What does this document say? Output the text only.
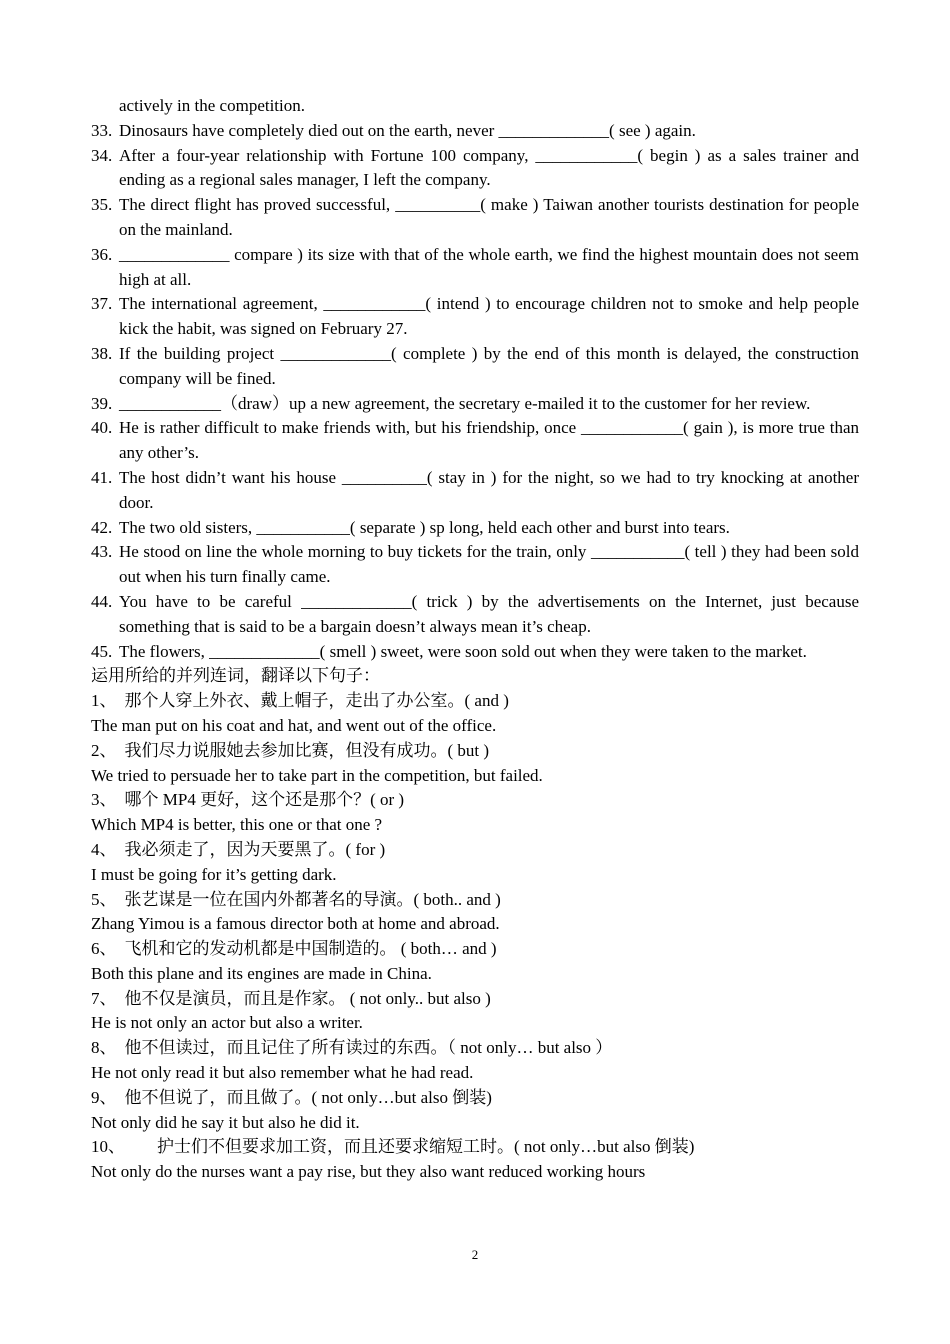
actively in the competition.
33. Dinosaurs have completely died out on the earth, never _____________( see ) again.
34. After a four-year relationship with Fortune 100 company, ____________( begin ) as a sales trainer and ending as a regional sales manager, I left the company.
35. The direct flight has proved successful, __________( make ) Taiwan another tourists destination for people on the mainland.
36. _____________ compare ) its size with that of the whole earth, we find the highest mountain does not seem high at all.
37. The international agreement, ____________( intend ) to encourage children not to smoke and help people kick the habit, was signed on February 27.
38. If the building project _____________( complete ) by the end of this month is delayed, the construction company will be fined.
39. ____________（draw）up a new agreement, the secretary e-mailed it to the customer for her review.
40. He is rather difficult to make friends with, but his friendship, once ____________( gain ), is more true than any other’s.
41. The host didn’t want his house __________( stay in ) for the night, so we had to try knocking at another door.
42. The two old sisters, ___________( separate ) sp long, held each other and burst into tears.
43. He stood on line the whole morning to buy tickets for the train, only ___________( tell ) they had been sold out when his turn finally came.
44. You have to be careful _____________( trick ) by the advertisements on the Internet, just because something that is said to be a bargain doesn’t always mean it’s cheap.
45. The flowers, _____________( smell ) sweet, were soon sold out when they were taken to the market.
运用所给的并列连词，翻译以下句子：
1、 那个人穿上外衣、戴上帽子，走出了办公室。( and )
The man put on his coat and hat, and went out of the office.
2、 我们尽力说服她去参加比赛，但没有成功。( but )
We tried to persuade her to take part in the competition, but failed.
3、 哪个 MP4 更好，这个还是那个？( or )
Which MP4 is better, this one or that one ?
4、 我必须走了，因为天要黑了。( for )
I must be going for it’s getting dark.
5、 张艺谋是一位在国内外都著名的导演。( both.. and )
Zhang Yimou is a famous director both at home and abroad.
6、 飞机和它的发动机都是中国制造的。 ( both… and )
Both this plane and its engines are made in China.
7、 他不仅是演员，而且是作家。 ( not only.. but also )
He is not only an actor but also a writer.
8、 他不但读过，而且记住了所有读过的东西。（ not only… but also ）
He not only read it but also remember what he had read.
9、 他不但说了，而且做了。( not only…but also 倒装)
Not only did he say it but also he did it.
10、 护士们不但要求加工资，而且还要求缩短工时。( not only…but also 倒装)
Not only do the nurses want a pay rise, but they also want reduced working hours
2
